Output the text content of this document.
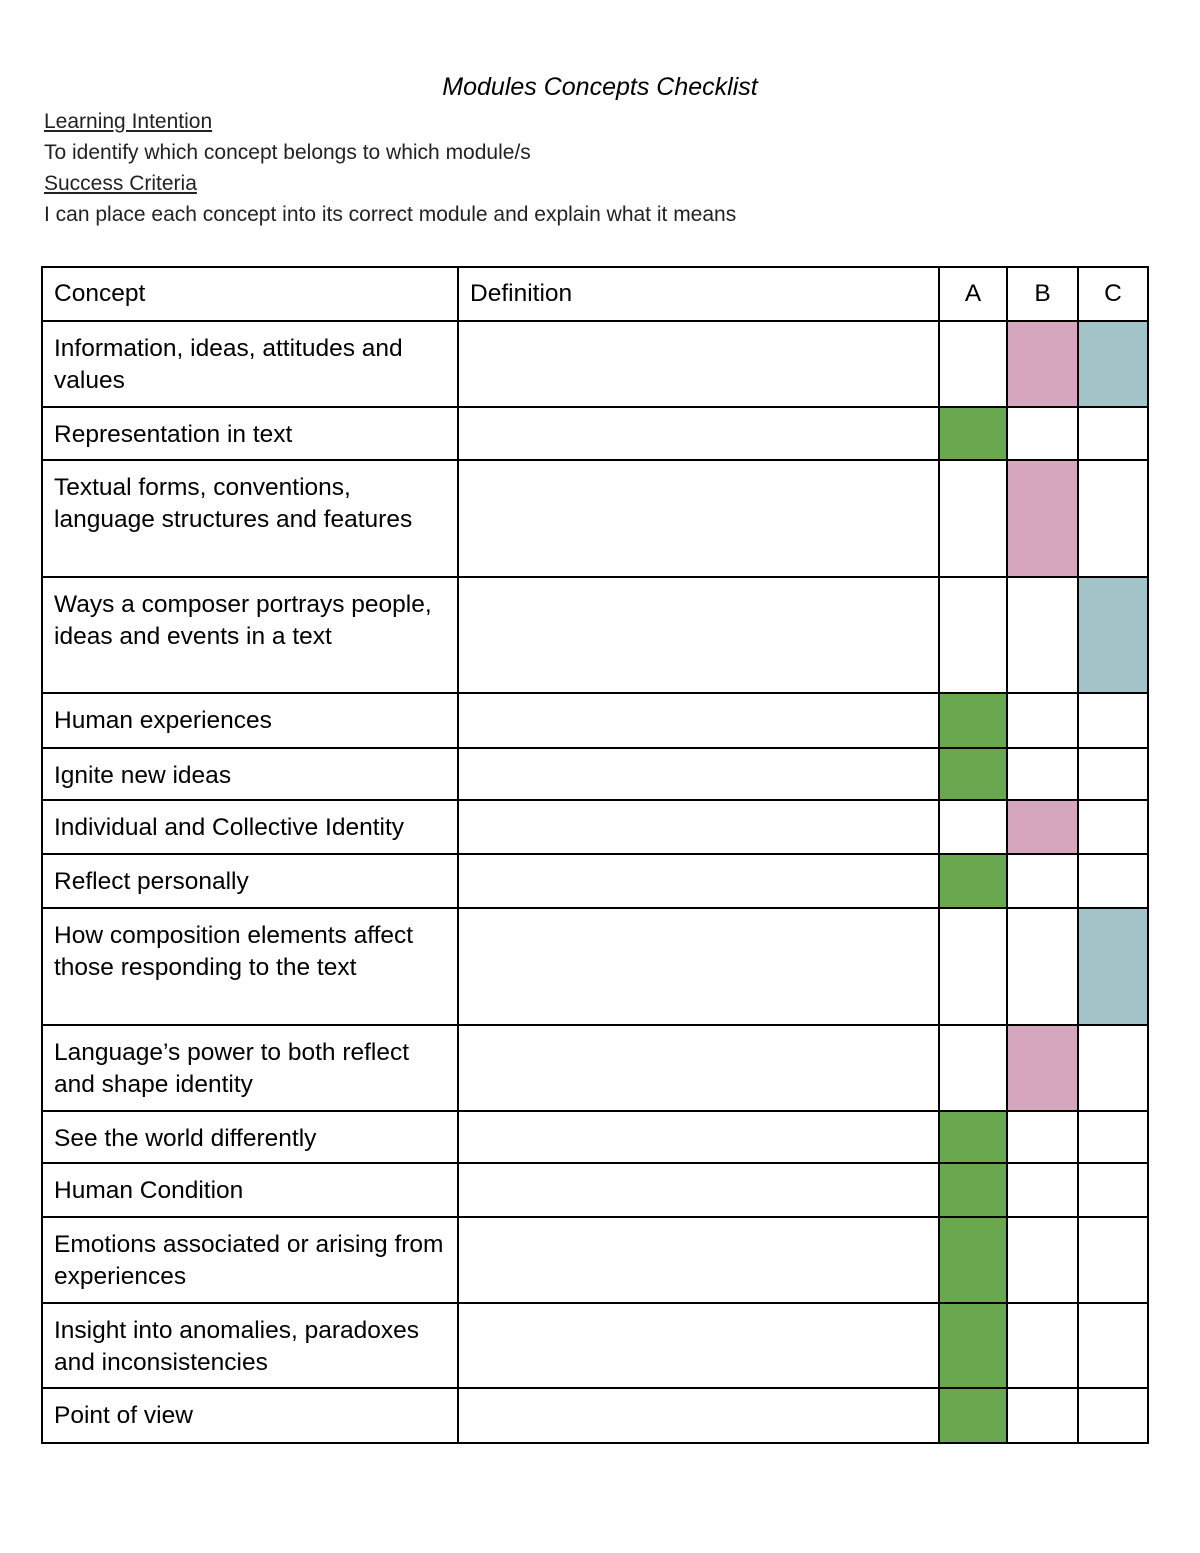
Modules Concepts Checklist
Learning Intention
To identify which concept belongs to which module/s
Success Criteria
I can place each concept into its correct module and explain what it means
Concept	Definition	A	B	C
Information, ideas, attitudes and values				
Representation in text				
Textual forms, conventions, language structures and features				
Ways a composer portrays people, ideas and events in a text				
Human experiences				
Ignite new ideas				
Individual and Collective Identity				
Reflect personally				
How composition elements affect those responding to the text				
Language’s power to both reflect and shape identity				
See the world differently				
Human Condition				
Emotions associated or arising from experiences				
Insight into anomalies, paradoxes and inconsistencies				
Point of view				
